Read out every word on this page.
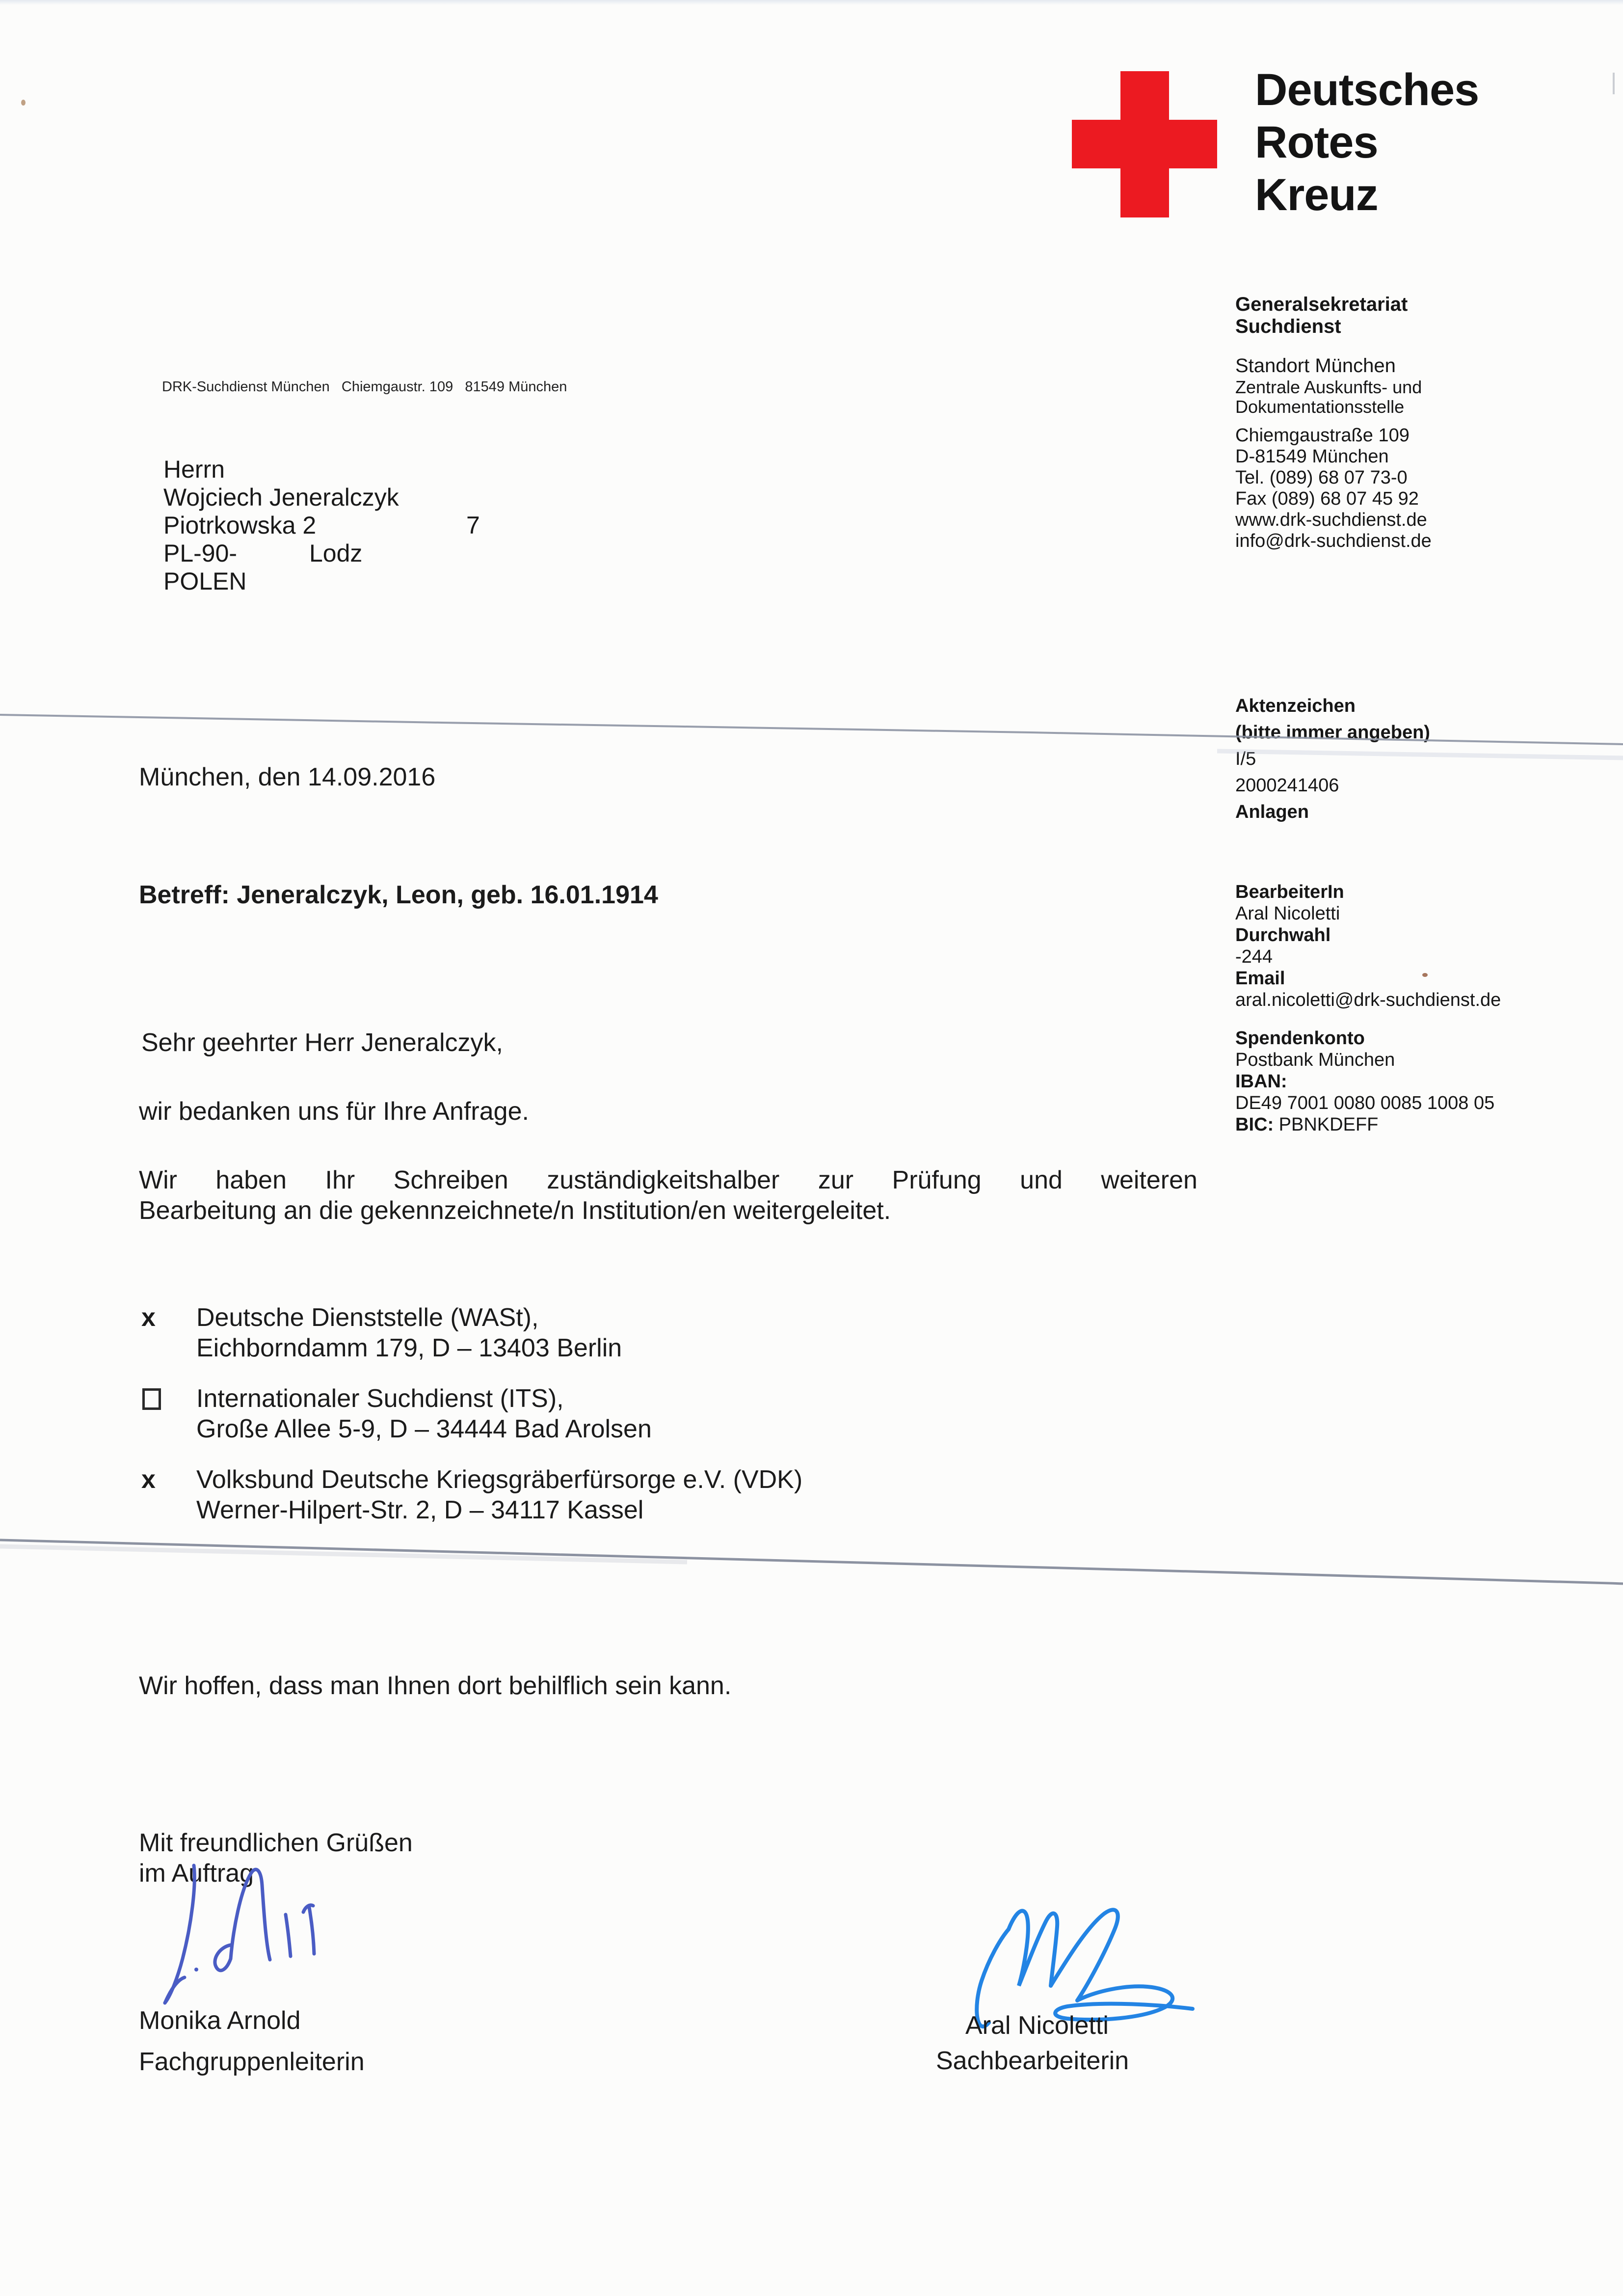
Deutsches
Rotes
Kreuz
DRK-Suchdienst München   Chiemgaustr. 109   81549 München
Herrn
Wojciech Jeneralczyk
Piotrkowska 2	7
PL-90-	Lodz
POLEN
Generalsekretariat
Suchdienst
Standort München
Zentrale Auskunfts- und
Dokumentationsstelle
Chiemgaustraße 109
D-81549 München
Tel. (089) 68 07 73-0
Fax (089) 68 07 45 92
www.drk-suchdienst.de
info@drk-suchdienst.de
Aktenzeichen
(bitte immer angeben)
I/5
2000241406
Anlagen
BearbeiterIn
Aral Nicoletti
Durchwahl
-244
Email
aral.nicoletti@drk-suchdienst.de
Spendenkonto
Postbank München
IBAN:
DE49 7001 0080 0085 1008 05
BIC: PBNKDEFF
München, den 14.09.2016
Betreff: Jeneralczyk, Leon, geb. 16.01.1914
Sehr geehrter Herr Jeneralczyk,
wir bedanken uns für Ihre Anfrage.
Wir haben Ihr Schreiben zuständigkeitshalber zur Prüfung und weiteren
Bearbeitung an die gekennzeichnete/n Institution/en weitergeleitet.
x Deutsche Dienststelle (WASt),
Eichborndamm 179, D – 13403 Berlin
Internationaler Suchdienst (ITS),
Große Allee 5-9, D – 34444 Bad Arolsen
x Volksbund Deutsche Kriegsgräberfürsorge e.V. (VDK)
Werner-Hilpert-Str. 2, D – 34117 Kassel
Wir hoffen, dass man Ihnen dort behilflich sein kann.
Mit freundlichen Grüßen
im Auftrag
Monika Arnold
Fachgruppenleiterin
Aral Nicoletti
Sachbearbeiterin
